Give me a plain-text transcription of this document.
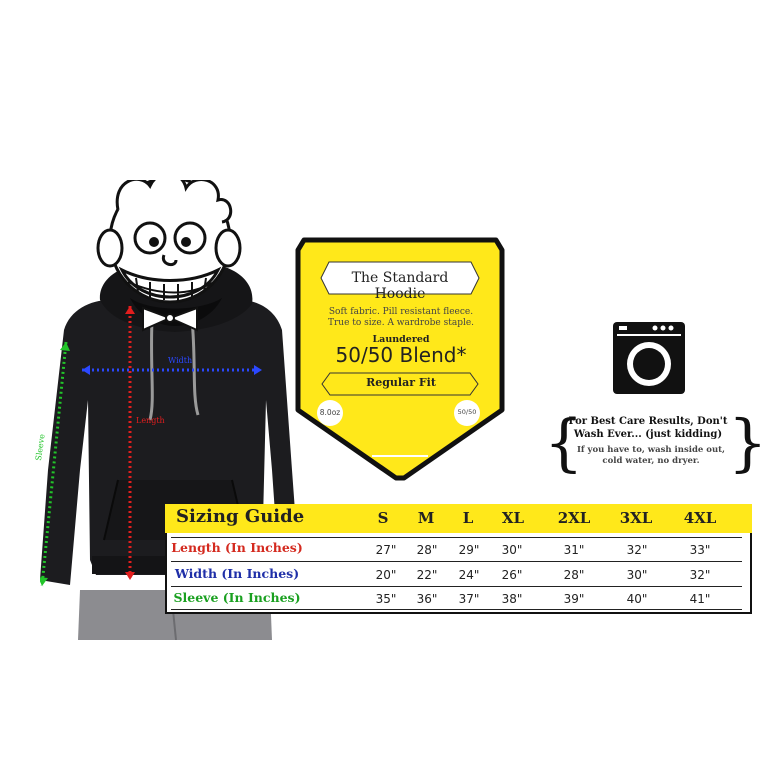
Width
Length
Sleeve
The Standard Hoodie
Soft fabric. Pill resistant fleece. True to size. A wardrobe staple.
Laundered
50/50 Blend*
Regular Fit
8.0oz	50/50 { }
For Best Care Results, Don't Wash Ever... (just kidding)
If you have to, wash inside out, cold water, no dryer.
Sizing Guide	S	M	L	XL	2XL	3XL	4XL
Length (In Inches)	27"	28"	29"	30"	31"	32"	33"
Width (In Inches)	20"	22"	24"	26"	28"	30"	32"
Sleeve (In Inches)	35"	36"	37"	38"	39"	40"	41"
